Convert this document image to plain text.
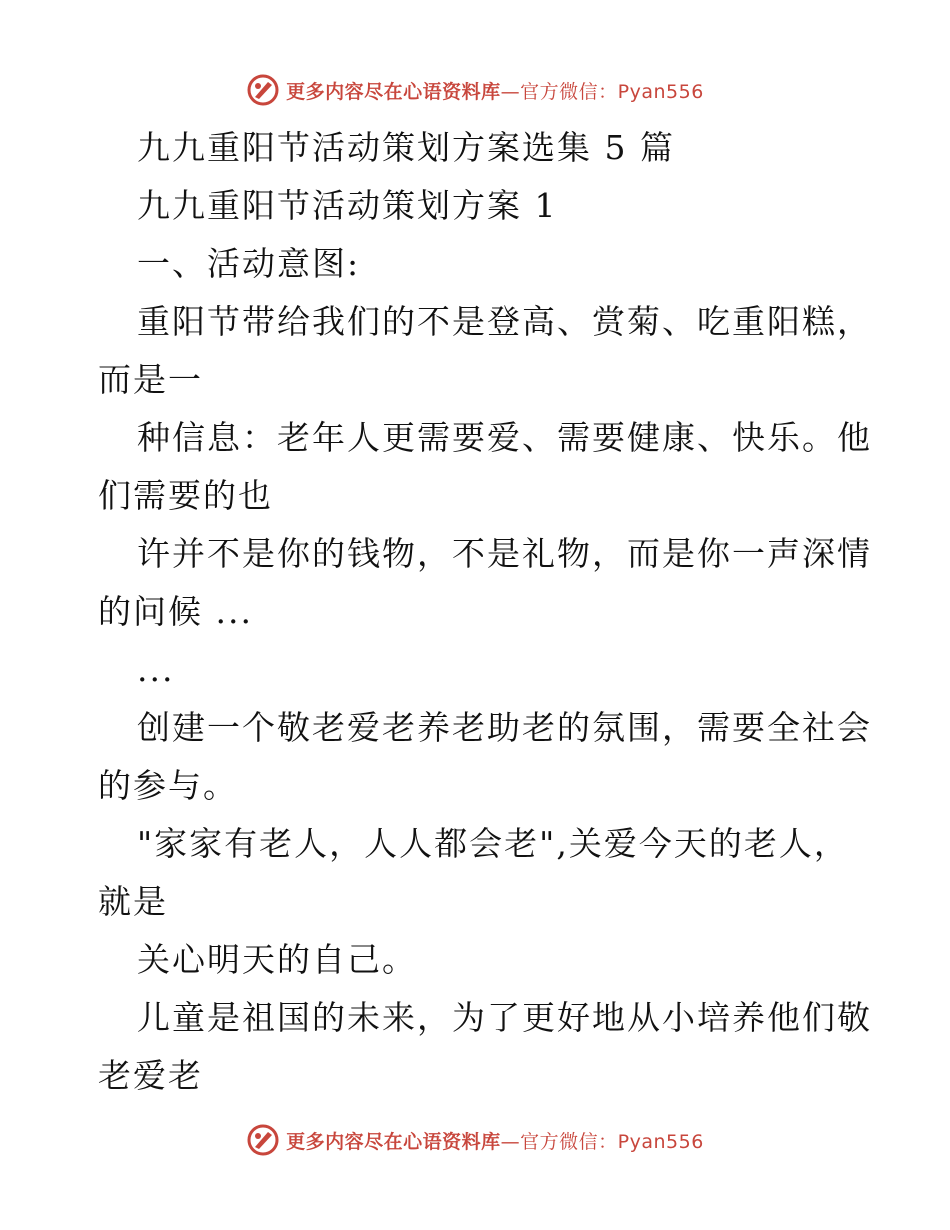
更多内容尽在心语资料库—官方微信：Pyan556
九九重阳节活动策划方案选集 5 篇
九九重阳节活动策划方案 1
一、活动意图:
重阳节带给我们的不是登高、赏菊、吃重阳糕，
而是一
种信息：老年人更需要爱、需要健康、快乐。他
们需要的也
许并不是你的钱物，不是礼物，而是你一声深情
的问候 ...
...
创建一个敬老爱老养老助老的氛围，需要全社会
的参与。
"家家有老人，人人都会老",关爱今天的老人，
就是
关心明天的自己。
儿童是祖国的未来，为了更好地从小培养他们敬
老爱老
更多内容尽在心语资料库—官方微信：Pyan556
